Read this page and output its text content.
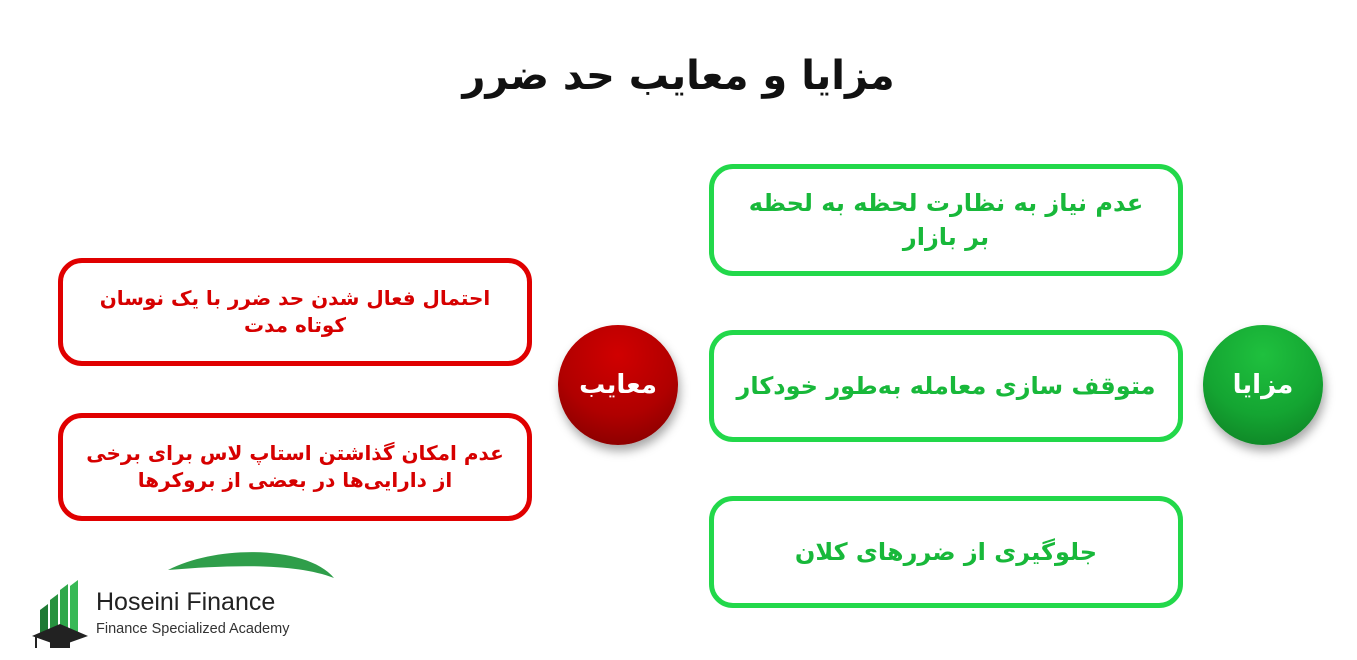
مزایا و معایب حد ضرر
عدم نیاز به نظارت لحظه به لحظه بر بازار
متوقف سازی معامله به‌طور خودکار
جلوگیری از ضررهای کلان
مزایا
احتمال فعال شدن حد ضرر با یک نوسان کوتاه مدت
عدم امکان گذاشتن استاپ لاس برای برخی از دارایی‌ها در بعضی از بروکرها
معایب
Hoseini Finance
Finance Specialized Academy
